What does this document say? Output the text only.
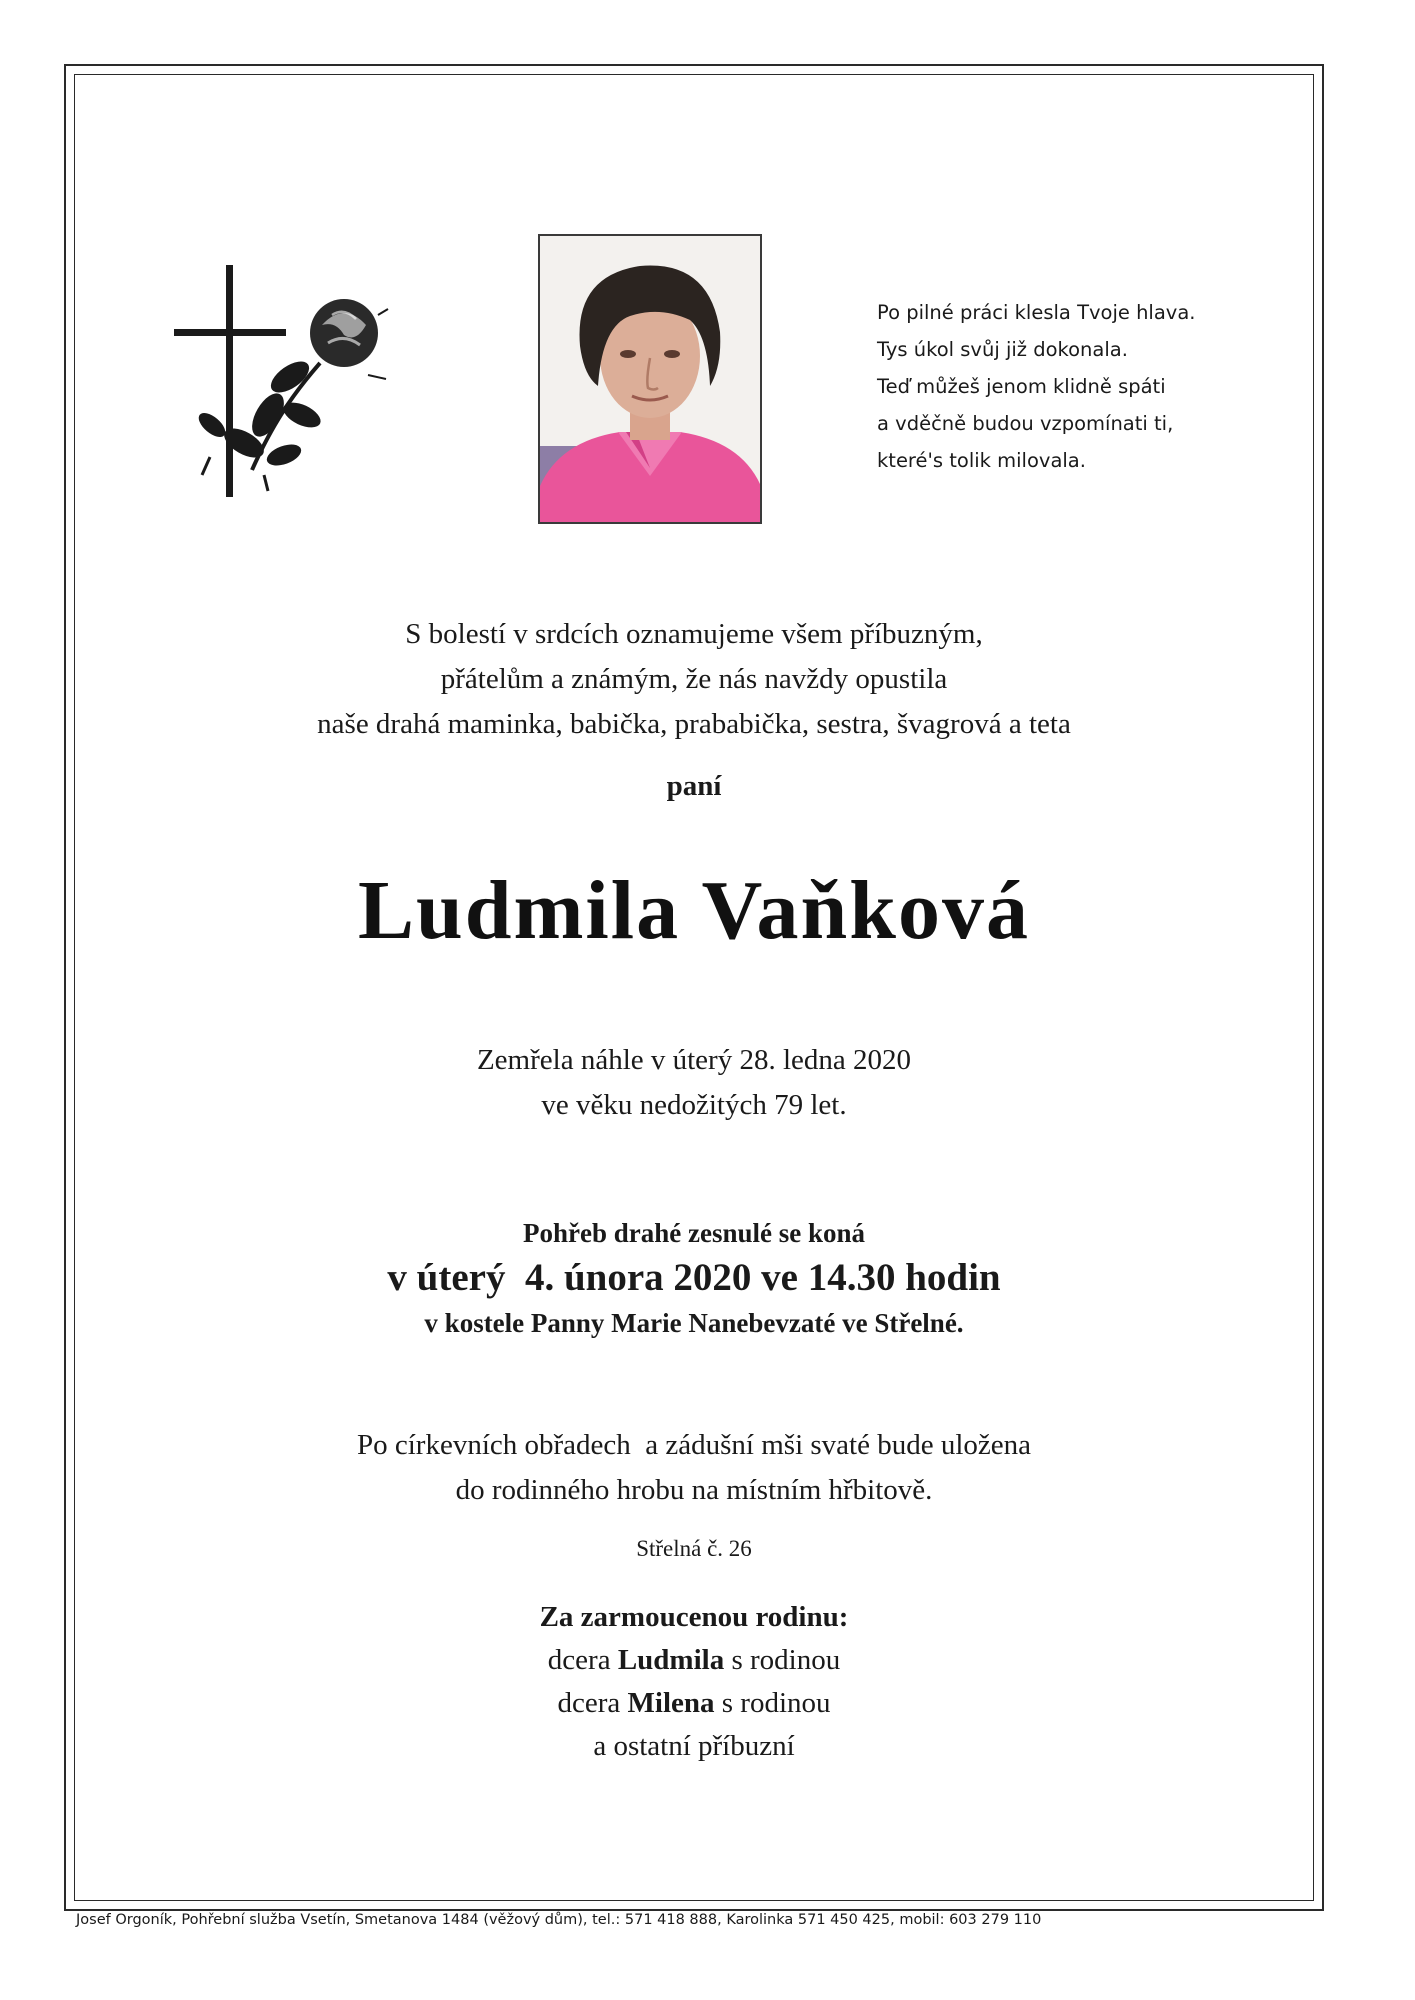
Po pilné práci klesla Tvoje hlava.
Tys úkol svůj již dokonala.
Teď můžeš jenom klidně spáti
a vděčně budou vzpomínati ti,
které's tolik milovala.
S bolestí v srdcích oznamujeme všem příbuzným,
přátelům a známým, že nás navždy opustila
naše drahá maminka, babička, prababička, sestra, švagrová a teta
paní
Ludmila Vaňková
Zemřela náhle v úterý 28. ledna 2020
ve věku nedožitých 79 let.
Pohřeb drahé zesnulé se koná
v úterý  4. února 2020 ve 14.30 hodin
v kostele Panny Marie Nanebevzaté ve Střelné.
Po církevních obřadech  a zádušní mši svaté bude uložena
do rodinného hrobu na místním hřbitově.
Střelná č. 26
Za zarmoucenou rodinu:
dcera Ludmila s rodinou
dcera Milena s rodinou
a ostatní příbuzní
Josef Orgoník, Pohřební služba Vsetín, Smetanova 1484 (věžový dům), tel.: 571 418 888, Karolinka 571 450 425, mobil: 603 279 110
